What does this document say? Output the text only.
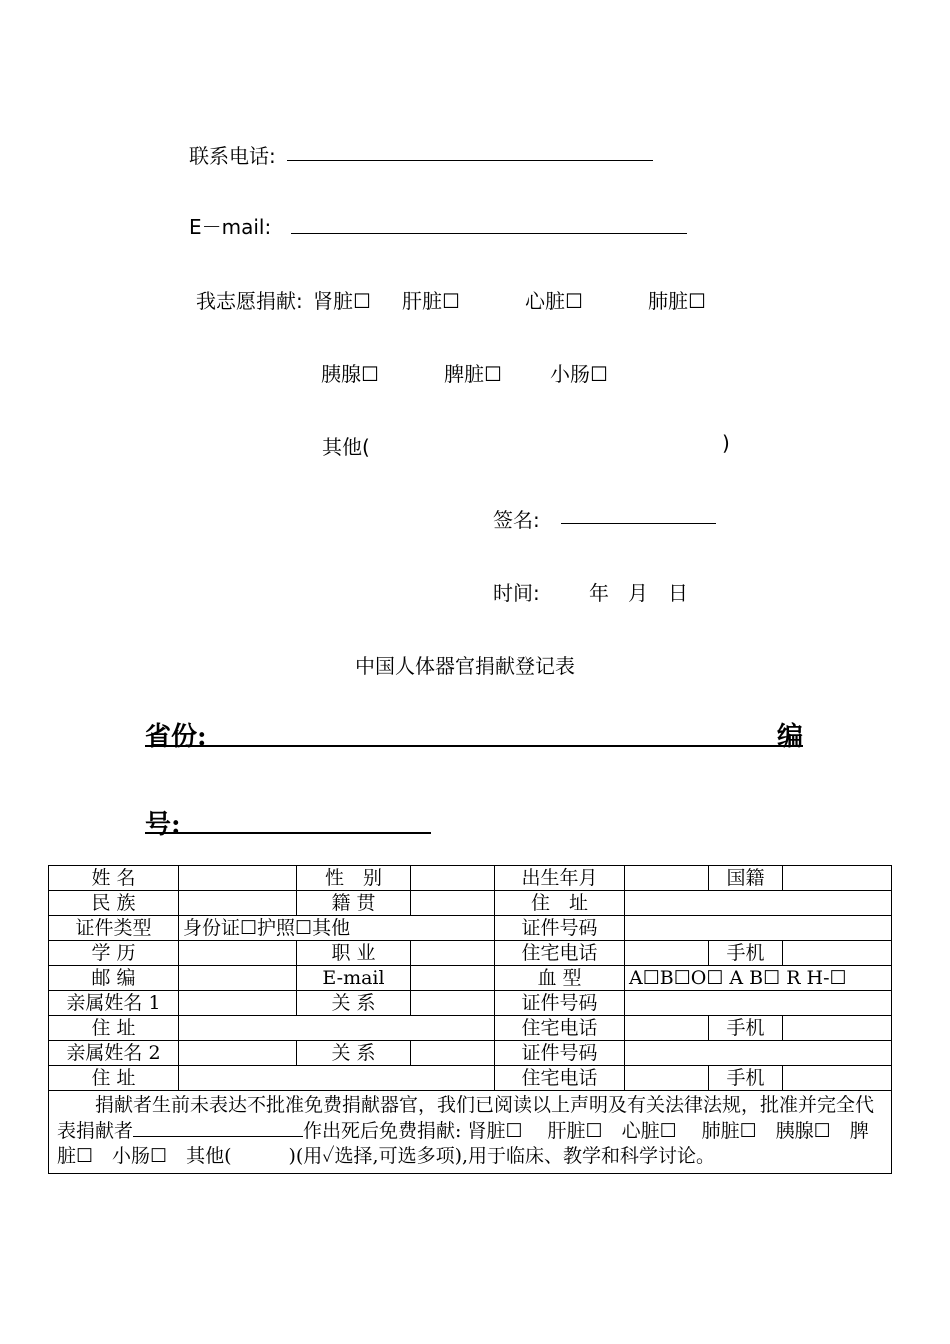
联系电话:
E－mail:
我志愿捐献: 肾脏☐ 肝脏☐	心脏☐	肺脏☐
胰腺☐	脾脏☐ 小肠☐
其他(	)
签名:
时间: 年 月 日
中国人体器官捐献登记表
省份:	编
号:
姓 名		性　别		出生年月		国籍	
民 族		籍 贯		住　址			
证件类型	身份证☐护照☐其他			证件号码			
学 历		职 业		住宅电话		手机	
邮 编		E-mail		血 型	A☐B☐O☐ A B☐ R H-☐		
亲属姓名 1		关 系		证件号码			
住 址				住宅电话		手机	
亲属姓名 2		关 系		证件号码			
住 址				住宅电话		手机	
捐献者生前未表达不批准免费捐献器官，我们已阅读以上声明及有关法律法规，批准并完全代表捐献者 作出死后免费捐献: 肾脏☐　 肝脏☐　心脏☐　 肺脏☐　胰腺☐　脾脏☐　小肠☐　其他(　　　)(用✓选择,可选多项),用于临床、教学和科学讨论。							
